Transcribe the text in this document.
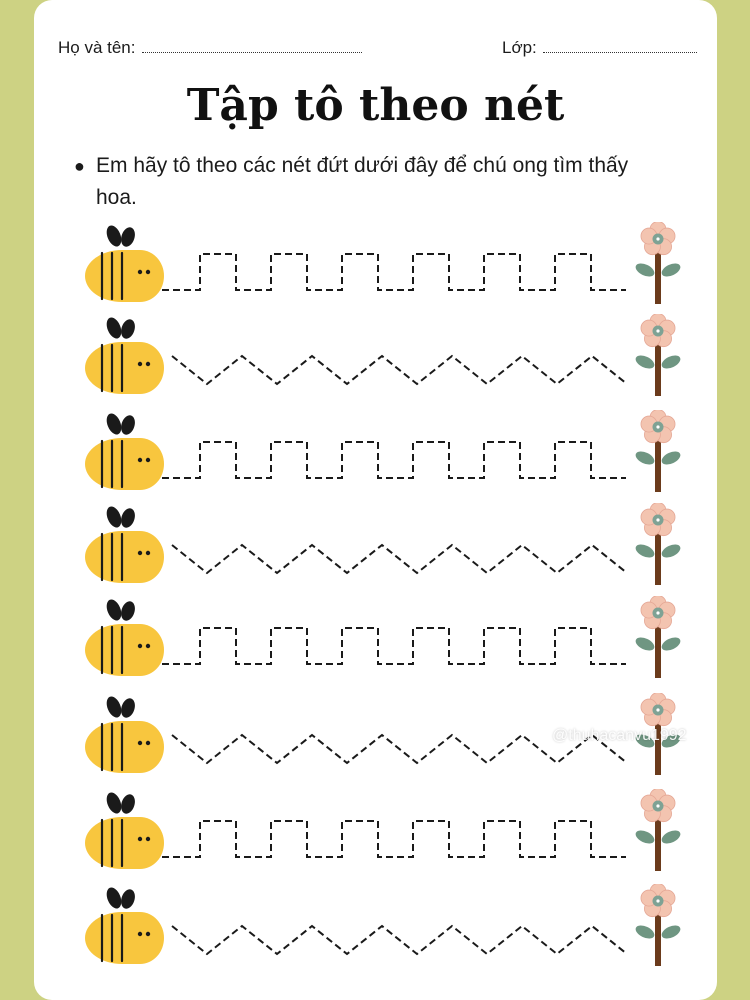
Họ và tên:	Lớp:
Tập tô theo nét
● Em hãy tô theo các nét đứt dưới đây để chú ong tìm thấy hoa.
@thuhacanvu1992
